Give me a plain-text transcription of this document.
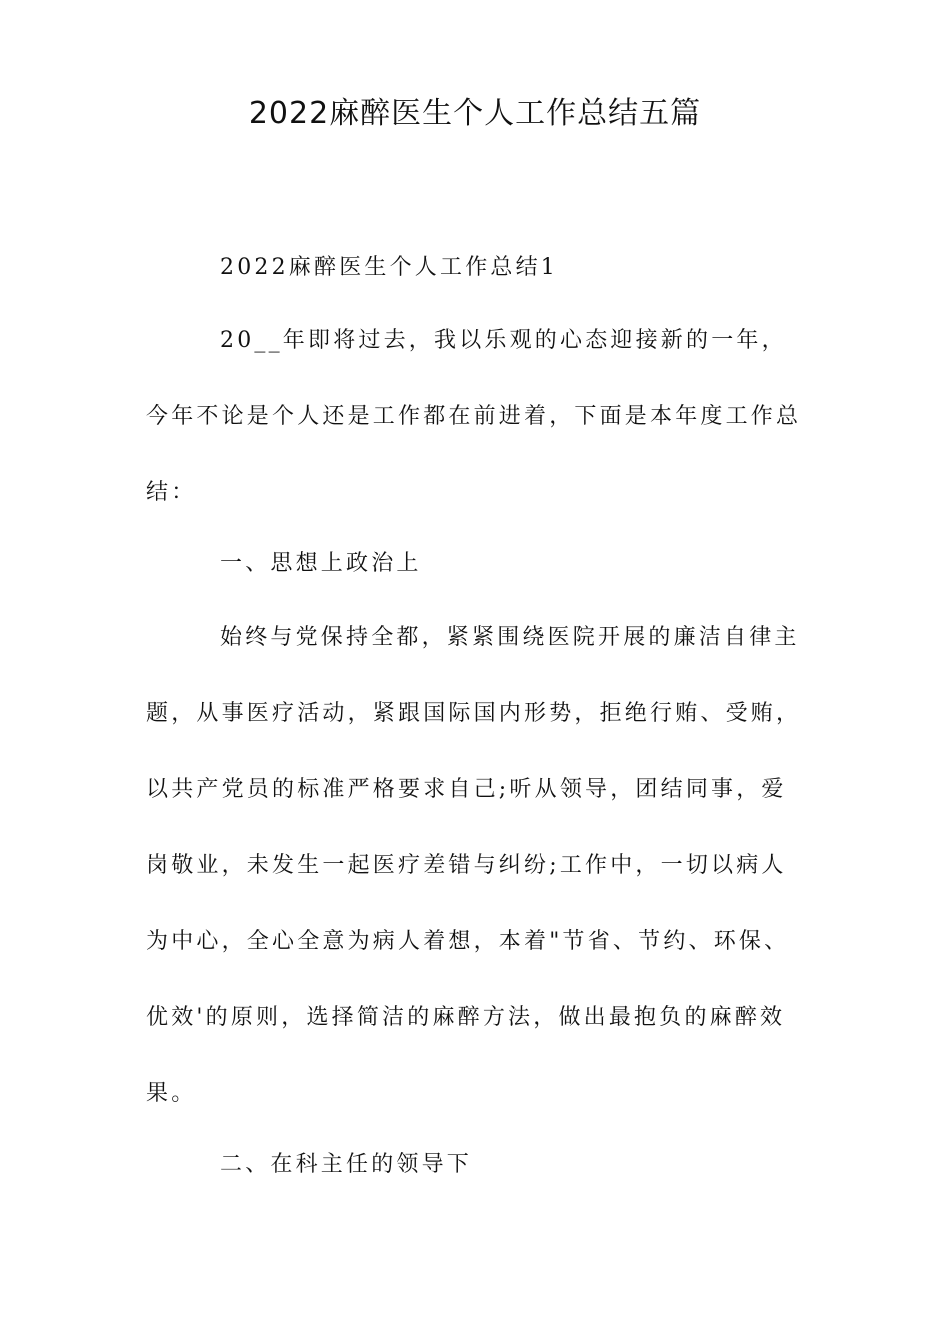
2022麻醉医生个人工作总结五篇

2022麻醉医生个人工作总结1

20__年即将过去，我以乐观的心态迎接新的一年，今年不论是个人还是工作都在前进着，下面是本年度工作总结：

一、思想上政治上

始终与党保持全都，紧紧围绕医院开展的廉洁自律主题，从事医疗活动，紧跟国际国内形势，拒绝行贿、受贿，以共产党员的标准严格要求自己;听从领导，团结同事，爱岗敬业，未发生一起医疗差错与纠纷;工作中，一切以病人为中心，全心全意为病人着想，本着"节省、节约、环保、优效'的原则，选择简洁的麻醉方法，做出最抱负的麻醉效果。

二、在科主任的领导下
